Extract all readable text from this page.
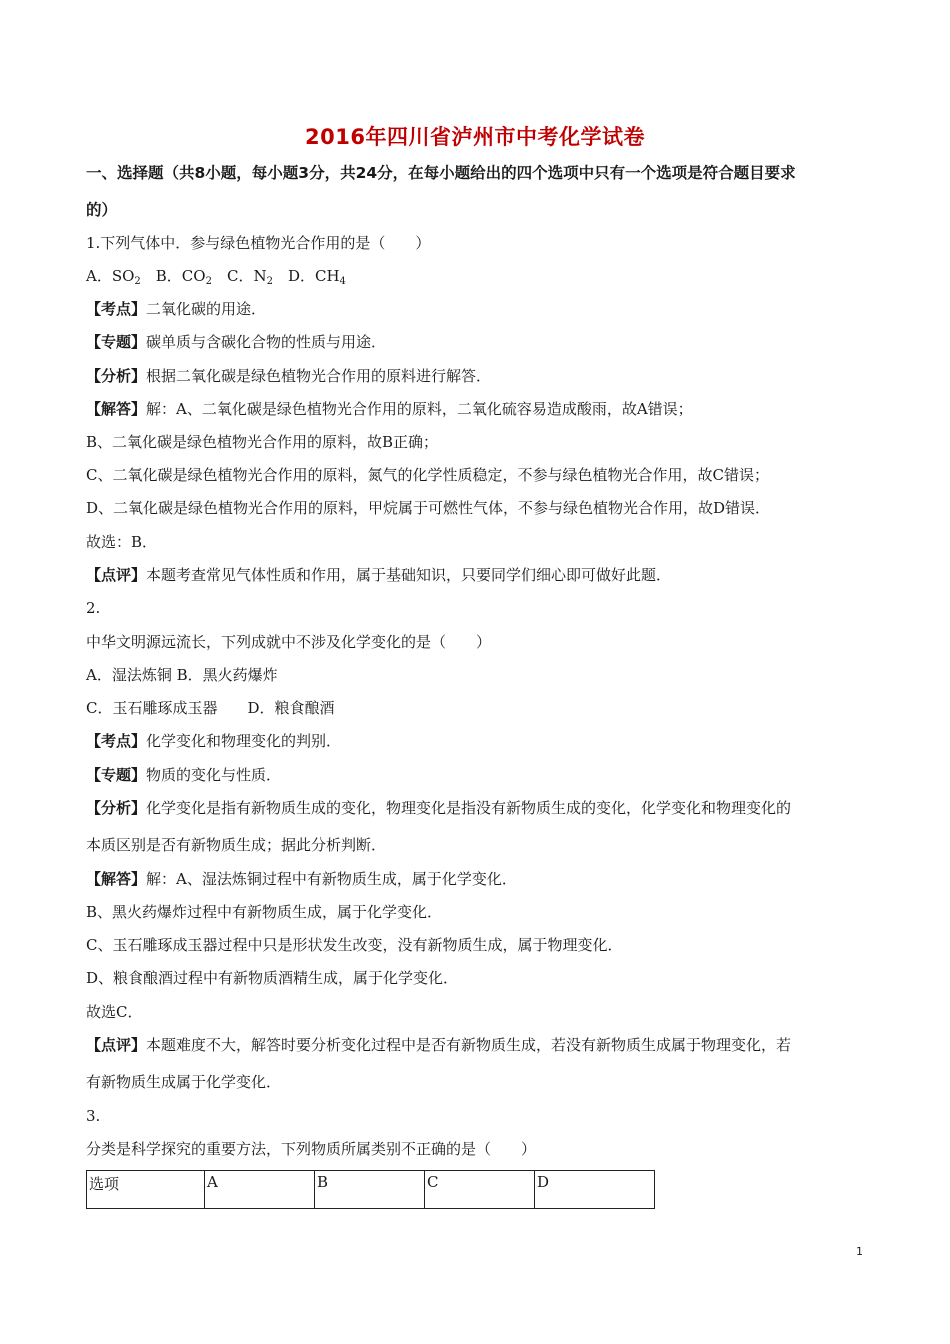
2016年四川省泸州市中考化学试卷
一、选择题（共8小题，每小题3分，共24分，在每小题给出的四个选项中只有一个选项是符合题目要求
的）
1.下列气体中．参与绿色植物光合作用的是（　　）
A．$SO_2$　B．$CO_2$　C．$N_2$　D．$CH_4$
【考点】二氧化碳的用途．
【专题】碳单质与含碳化合物的性质与用途．
【分析】根据二氧化碳是绿色植物光合作用的原料进行解答．
【解答】解：A、二氧化碳是绿色植物光合作用的原料，二氧化硫容易造成酸雨，故A错误；
B、二氧化碳是绿色植物光合作用的原料，故B正确；
C、二氧化碳是绿色植物光合作用的原料，氮气的化学性质稳定，不参与绿色植物光合作用，故C错误；
D、二氧化碳是绿色植物光合作用的原料，甲烷属于可燃性气体，不参与绿色植物光合作用，故D错误．
故选：B．
【点评】本题考查常见气体性质和作用，属于基础知识，只要同学们细心即可做好此题．
2.
中华文明源远流长，下列成就中不涉及化学变化的是（　　）
A．湿法炼铜 B．黑火药爆炸
C．玉石雕琢成玉器　　D．粮食酿酒
【考点】化学变化和物理变化的判别．
【专题】物质的变化与性质．
【分析】化学变化是指有新物质生成的变化，物理变化是指没有新物质生成的变化，化学变化和物理变化的
本质区别是否有新物质生成；据此分析判断．
【解答】解：A、湿法炼铜过程中有新物质生成，属于化学变化．
B、黑火药爆炸过程中有新物质生成，属于化学变化．
C、玉石雕琢成玉器过程中只是形状发生改变，没有新物质生成，属于物理变化．
D、粮食酿酒过程中有新物质酒精生成，属于化学变化．
故选C．
【点评】本题难度不大，解答时要分析变化过程中是否有新物质生成，若没有新物质生成属于物理变化，若
有新物质生成属于化学变化．
3.
分类是科学探究的重要方法，下列物质所属类别不正确的是（　　）
选项	A	B	C	D
1
